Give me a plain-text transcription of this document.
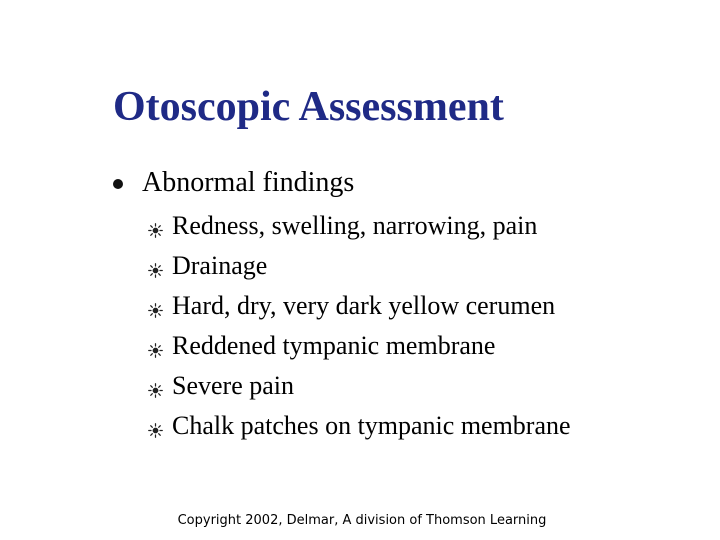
Otoscopic Assessment
Abnormal findings
Redness, swelling, narrowing, pain
Drainage
Hard, dry, very dark yellow cerumen
Reddened tympanic membrane
Severe pain
Chalk patches on tympanic membrane
Copyright 2002, Delmar, A division of Thomson Learning
